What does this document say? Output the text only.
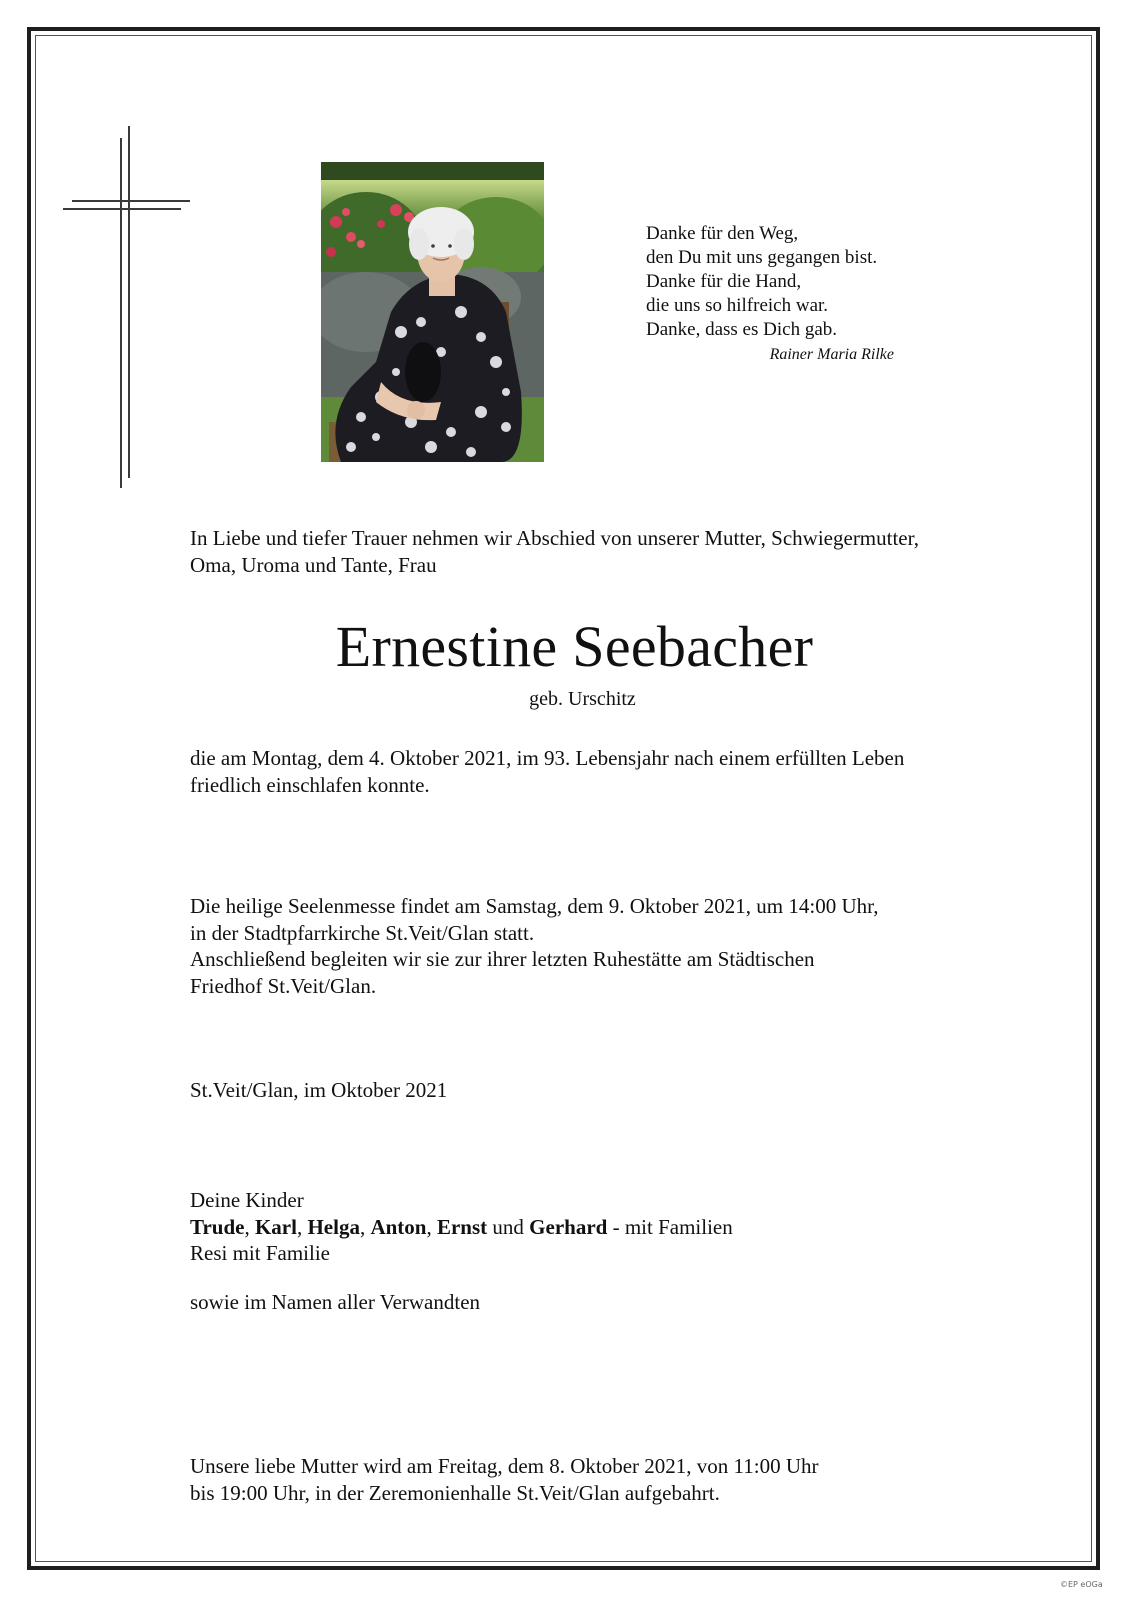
Danke für den Weg,
den Du mit uns gegangen bist.
Danke für die Hand,
die uns so hilfreich war.
Danke, dass es Dich gab.
Rainer Maria Rilke
In Liebe und tiefer Trauer nehmen wir Abschied von unserer Mutter, Schwiegermutter,
Oma, Uroma und Tante, Frau
Ernestine Seebacher
geb. Urschitz
die am Montag, dem 4. Oktober 2021, im 93. Lebensjahr nach einem erfüllten Leben
friedlich einschlafen konnte.
Die heilige Seelenmesse findet am Samstag, dem 9. Oktober 2021, um 14:00 Uhr,
in der Stadtpfarrkirche St.Veit/Glan statt.
Anschließend begleiten wir sie zur ihrer letzten Ruhestätte am Städtischen
Friedhof St.Veit/Glan.
St.Veit/Glan, im Oktober 2021
Deine Kinder
Trude, Karl, Helga, Anton, Ernst und Gerhard - mit Familien
Resi mit Familie
sowie im Namen aller Verwandten
Unsere liebe Mutter wird am Freitag, dem 8. Oktober 2021, von 11:00 Uhr
bis 19:00 Uhr, in der Zeremonienhalle St.Veit/Glan aufgebahrt.
©EP eOGa
